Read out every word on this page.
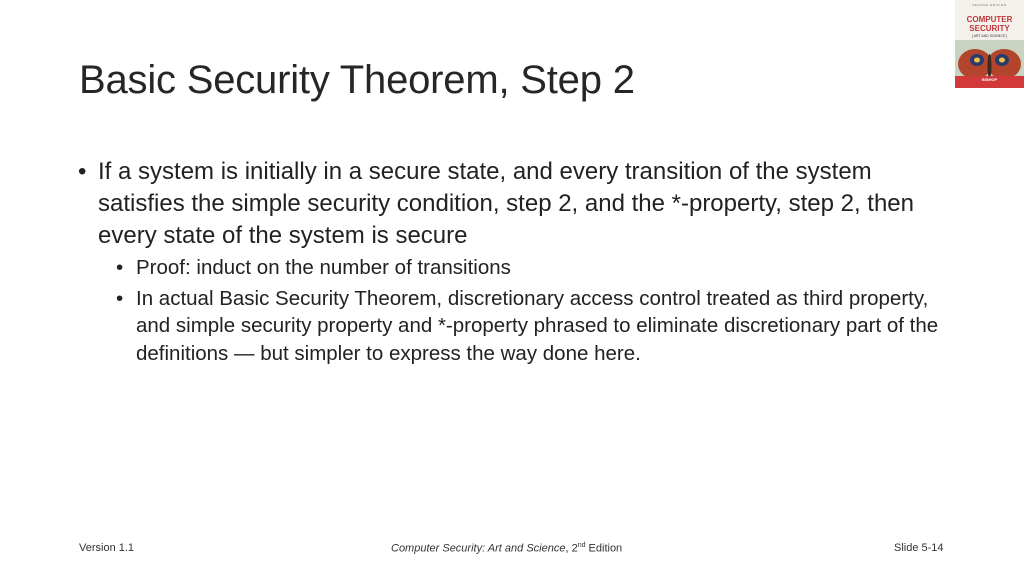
Basic Security Theorem, Step 2
SECOND EDITION
COMPUTER
SECURITY
[ ART AND SCIENCE ]
BISHOP
• If a system is initially in a secure state, and every transition of the system satisfies the simple security condition, step 2, and the *-property, step 2, then every state of the system is secure
• Proof: induct on the number of transitions
• In actual Basic Security Theorem, discretionary access control treated as third property, and simple security property and *-property phrased to eliminate discretionary part of the definitions — but simpler to express the way done here.
Version 1.1	Computer Security: Art and Science, 2nd Edition	Slide 5-14
